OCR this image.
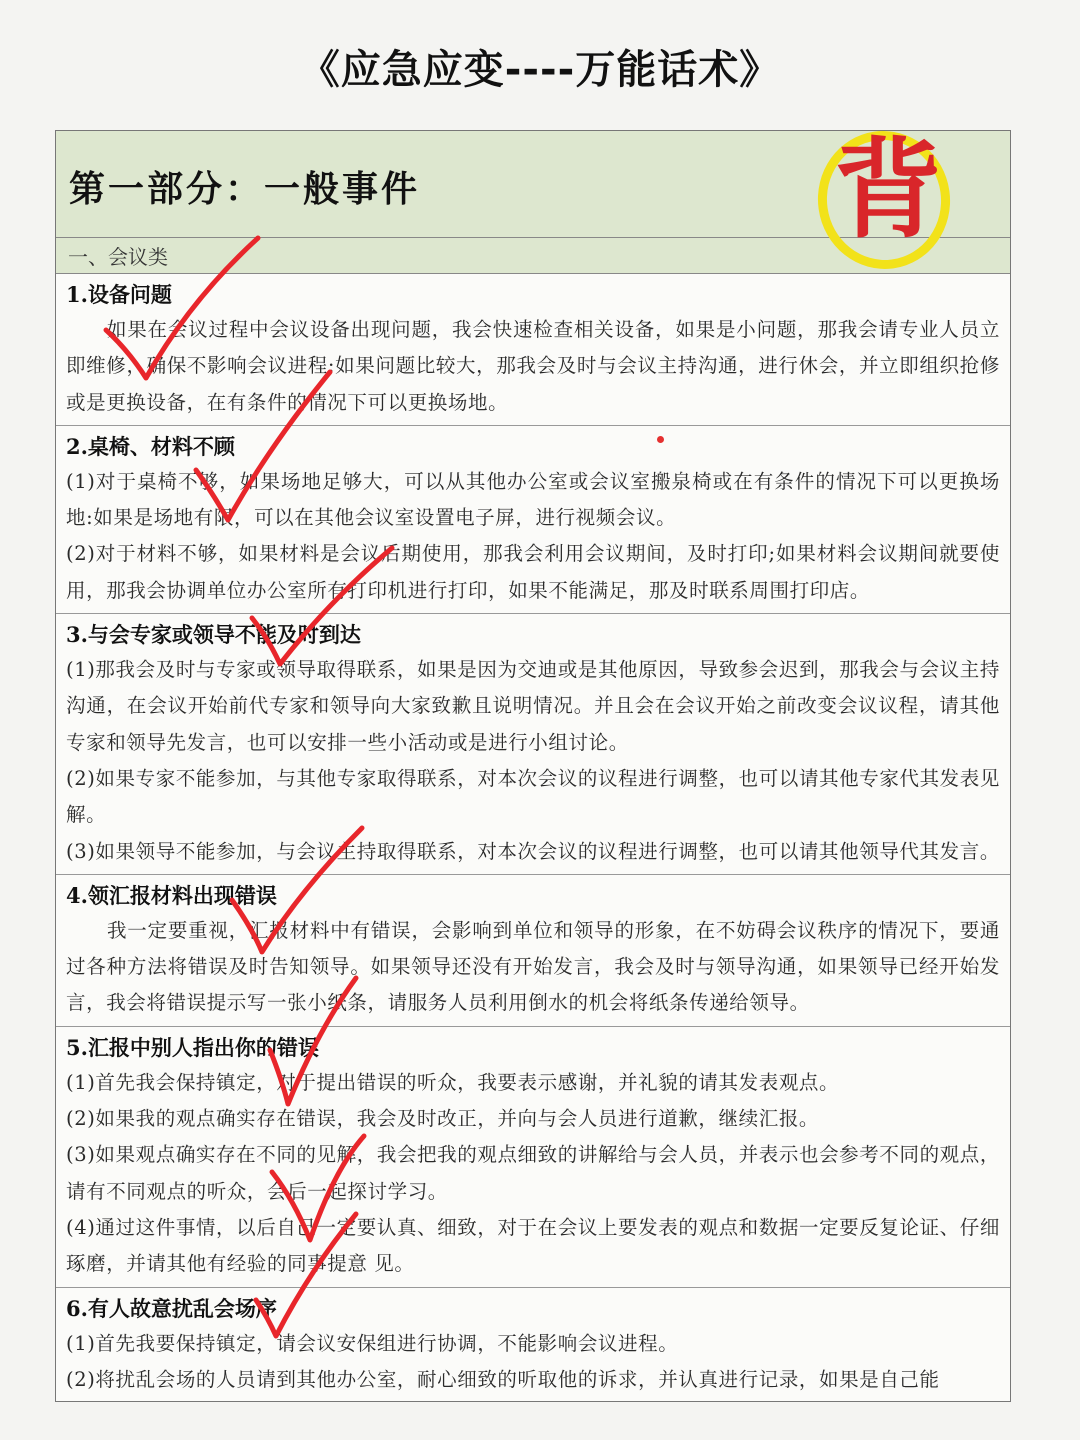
《应急应变----万能话术》
第一部分：一般事件	背
一、会议类
1.设备问题

如果在会议过程中会议设备出现问题，我会快速检查相关设备，如果是小问题，那我会请专业人员立即维修，确保不影响会议进程:如果问题比较大，那我会及时与会议主持沟通，进行休会，并立即组织抢修或是更换设备，在有条件的情况下可以更换场地。

2.桌椅、材料不顾

(1)对于桌椅不够，如果场地足够大，可以从其他办公室或会议室搬泉椅或在有条件的情况下可以更换场地:如果是场地有限，可以在其他会议室设置电子屏，进行视频会议。

(2)对于材料不够，如果材料是会议后期使用，那我会利用会议期间，及时打印;如果材料会议期间就要使用，那我会协调单位办公室所有打印机进行打印，如果不能满足，那及时联系周围打印店。

3.与会专家或领导不能及时到达

(1)那我会及时与专家或领导取得联系，如果是因为交迪或是其他原因，导致参会迟到，那我会与会议主持沟通，在会议开始前代专家和领导向大家致歉且说明情况。并且会在会议开始之前改变会议议程，请其他专家和领导先发言，也可以安排一些小活动或是进行小组讨论。

(2)如果专家不能参加，与其他专家取得联系，对本次会议的议程进行调整，也可以请其他专家代其发表见解。

(3)如果领导不能参加，与会议主持取得联系，对本次会议的议程进行调整，也可以请其他领导代其发言。

4.领汇报材料出现错误

我一定要重视，汇报材料中有错误，会影响到单位和领导的形象，在不妨碍会议秩序的情况下，要通过各种方法将错误及时告知领导。如果领导还没有开始发言，我会及时与领导沟通，如果领导已经开始发言，我会将错误提示写一张小纸条，请服务人员利用倒水的机会将纸条传递给领导。

5.汇报中别人指出你的错误

(1)首先我会保持镇定，对于提出错误的听众，我要表示感谢，并礼貌的请其发表观点。

(2)如果我的观点确实存在错误，我会及时改正，并向与会人员进行道歉，继续汇报。

(3)如果观点确实存在不同的见解，我会把我的观点细致的讲解给与会人员，并表示也会参考不同的观点，请有不同观点的听众，会后一起探讨学习。

(4)通过这件事情，以后自己一定要认真、细致，对于在会议上要发表的观点和数据一定要反复论证、仔细琢磨，并请其他有经验的同事提意 见。

6.有人故意扰乱会场序

(1)首先我要保持镇定，请会议安保组进行协调，不能影响会议进程。

(2)将扰乱会场的人员请到其他办公室，耐心细致的听取他的诉求，并认真进行记录，如果是自己能
